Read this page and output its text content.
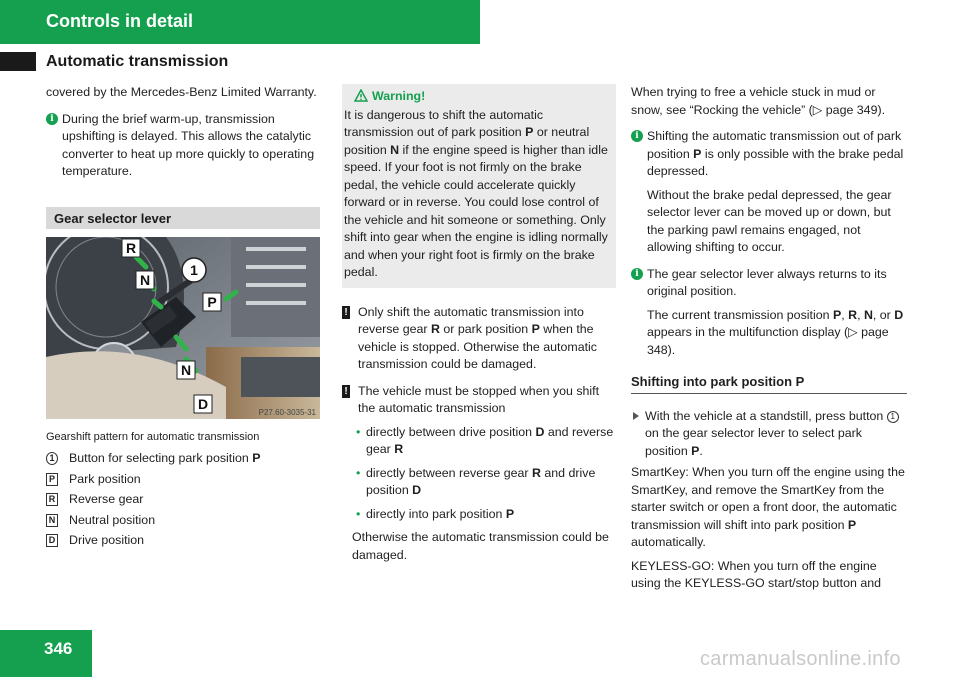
Controls in detail
Automatic transmission
covered by the Mercedes-Benz Limited Warranty.
i During the brief warm-up, transmission upshifting is delayed. This allows the catalytic converter to heat up more quickly to operating temperature.
Gear selector lever
R
N
P
N
D
1
P27.60-3035-31
Gearshift pattern for automatic transmission
1 Button for selecting park position P
P Park position
R Reverse gear
N Neutral position
D Drive position
Warning!
It is dangerous to shift the automatic transmission out of park position P or neutral position N if the engine speed is higher than idle speed. If your foot is not firmly on the brake pedal, the vehicle could accelerate quickly forward or in reverse. You could lose control of the vehicle and hit someone or something. Only shift into gear when the engine is idling normally and when your right foot is firmly on the brake pedal.
! Only shift the automatic transmission into reverse gear R or park position P when the vehicle is stopped. Otherwise the automatic transmission could be damaged.
! The vehicle must be stopped when you shift the automatic transmission
• directly between drive position D and reverse gear R
• directly between reverse gear R and drive position D
• directly into park position P
Otherwise the automatic transmission could be damaged.
When trying to free a vehicle stuck in mud or snow, see “Rocking the vehicle” (▷ page 349).
i Shifting the automatic transmission out of park position P is only possible with the brake pedal depressed.
Without the brake pedal depressed, the gear selector lever can be moved up or down, but the parking pawl remains engaged, not allowing shifting to occur.
i The gear selector lever always returns to its original position.
The current transmission position P, R, N, or D appears in the multifunction display (▷ page 348).
Shifting into park position P
With the vehicle at a standstill, press button 1 on the gear selector lever to select park position P.
SmartKey: When you turn off the engine using the SmartKey, and remove the SmartKey from the starter switch or open a front door, the automatic transmission will shift into park position P automatically.
KEYLESS-GO: When you turn off the engine using the KEYLESS-GO start/stop button and
346	carmanualsonline.info
